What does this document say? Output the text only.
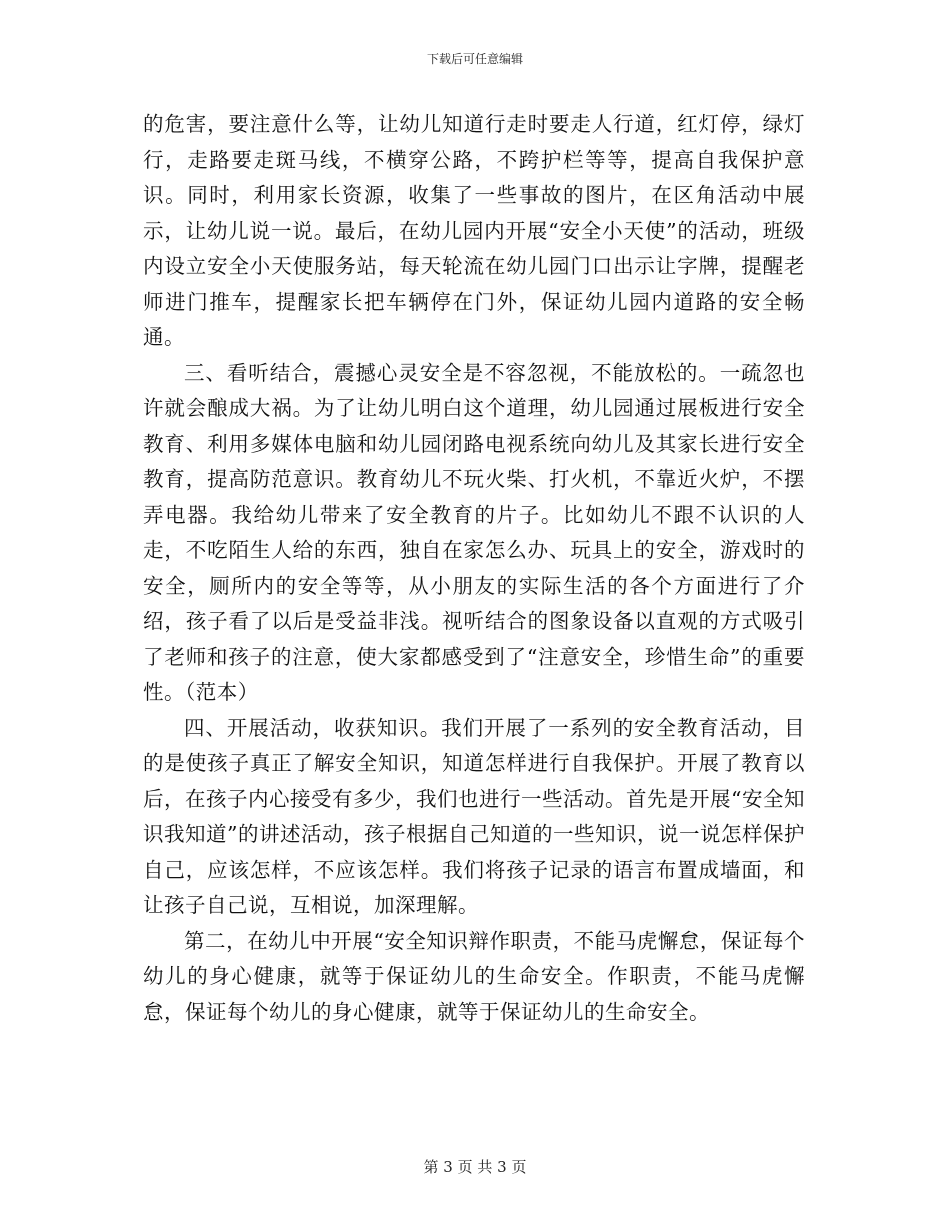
下载后可任意编辑

的危害，要注意什么等，让幼儿知道行走时要走人行道，红灯停，绿灯行，走路要走斑马线，不横穿公路，不跨护栏等等，提高自我保护意识。同时，利用家长资源，收集了一些事故的图片，在区角活动中展示，让幼儿说一说。最后，在幼儿园内开展“安全小天使”的活动，班级内设立安全小天使服务站，每天轮流在幼儿园门口出示让字牌，提醒老师进门推车，提醒家长把车辆停在门外，保证幼儿园内道路的安全畅通。

三、看听结合，震撼心灵安全是不容忽视，不能放松的。一疏忽也许就会酿成大祸。为了让幼儿明白这个道理，幼儿园通过展板进行安全教育、利用多媒体电脑和幼儿园闭路电视系统向幼儿及其家长进行安全教育，提高防范意识。教育幼儿不玩火柴、打火机，不靠近火炉，不摆弄电器。我给幼儿带来了安全教育的片子。比如幼儿不跟不认识的人走，不吃陌生人给的东西，独自在家怎么办、玩具上的安全，游戏时的安全，厕所内的安全等等，从小朋友的实际生活的各个方面进行了介绍，孩子看了以后是受益非浅。视听结合的图象设备以直观的方式吸引了老师和孩子的注意，使大家都感受到了“注意安全，珍惜生命”的重要性。（范本）

四、开展活动，收获知识。我们开展了一系列的安全教育活动，目的是使孩子真正了解安全知识，知道怎样进行自我保护。开展了教育以后，在孩子内心接受有多少，我们也进行一些活动。首先是开展“安全知识我知道”的讲述活动，孩子根据自己知道的一些知识，说一说怎样保护自己，应该怎样，不应该怎样。我们将孩子记录的语言布置成墙面，和让孩子自己说，互相说，加深理解。

第二，在幼儿中开展“安全知识辩作职责，不能马虎懈怠，保证每个幼儿的身心健康，就等于保证幼儿的生命安全。作职责，不能马虎懈怠，保证每个幼儿的身心健康，就等于保证幼儿的生命安全。

第 3 页 共 3 页
